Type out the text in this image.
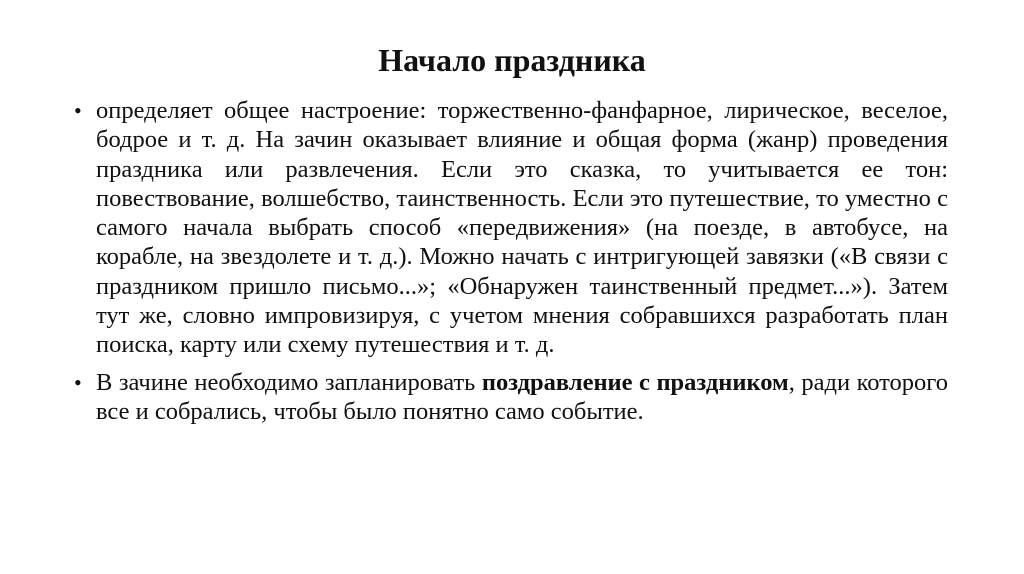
Начало праздника
• определяет общее настроение: торжественно-фанфарное, лирическое, веселое, бодрое и т. д. На зачин оказывает влияние и общая форма (жанр) проведения праздника или развлечения. Если это сказка, то учитывается ее тон: повествование, волшебство, таинственность. Если это путешествие, то уместно с самого начала выбрать способ «передвижения» (на поезде, в автобусе, на корабле, на звездолете и т. д.). Можно начать с интригующей завязки («В связи с праздником пришло письмо...»; «Обнаружен таинственный предмет...»). Затем тут же, словно импровизируя, с учетом мнения собравшихся разработать план поиска, карту или схему путешествия и т. д.
• В зачине необходимо запланировать поздравление с праздником, ради которого все и собрались, чтобы было понятно само событие.
